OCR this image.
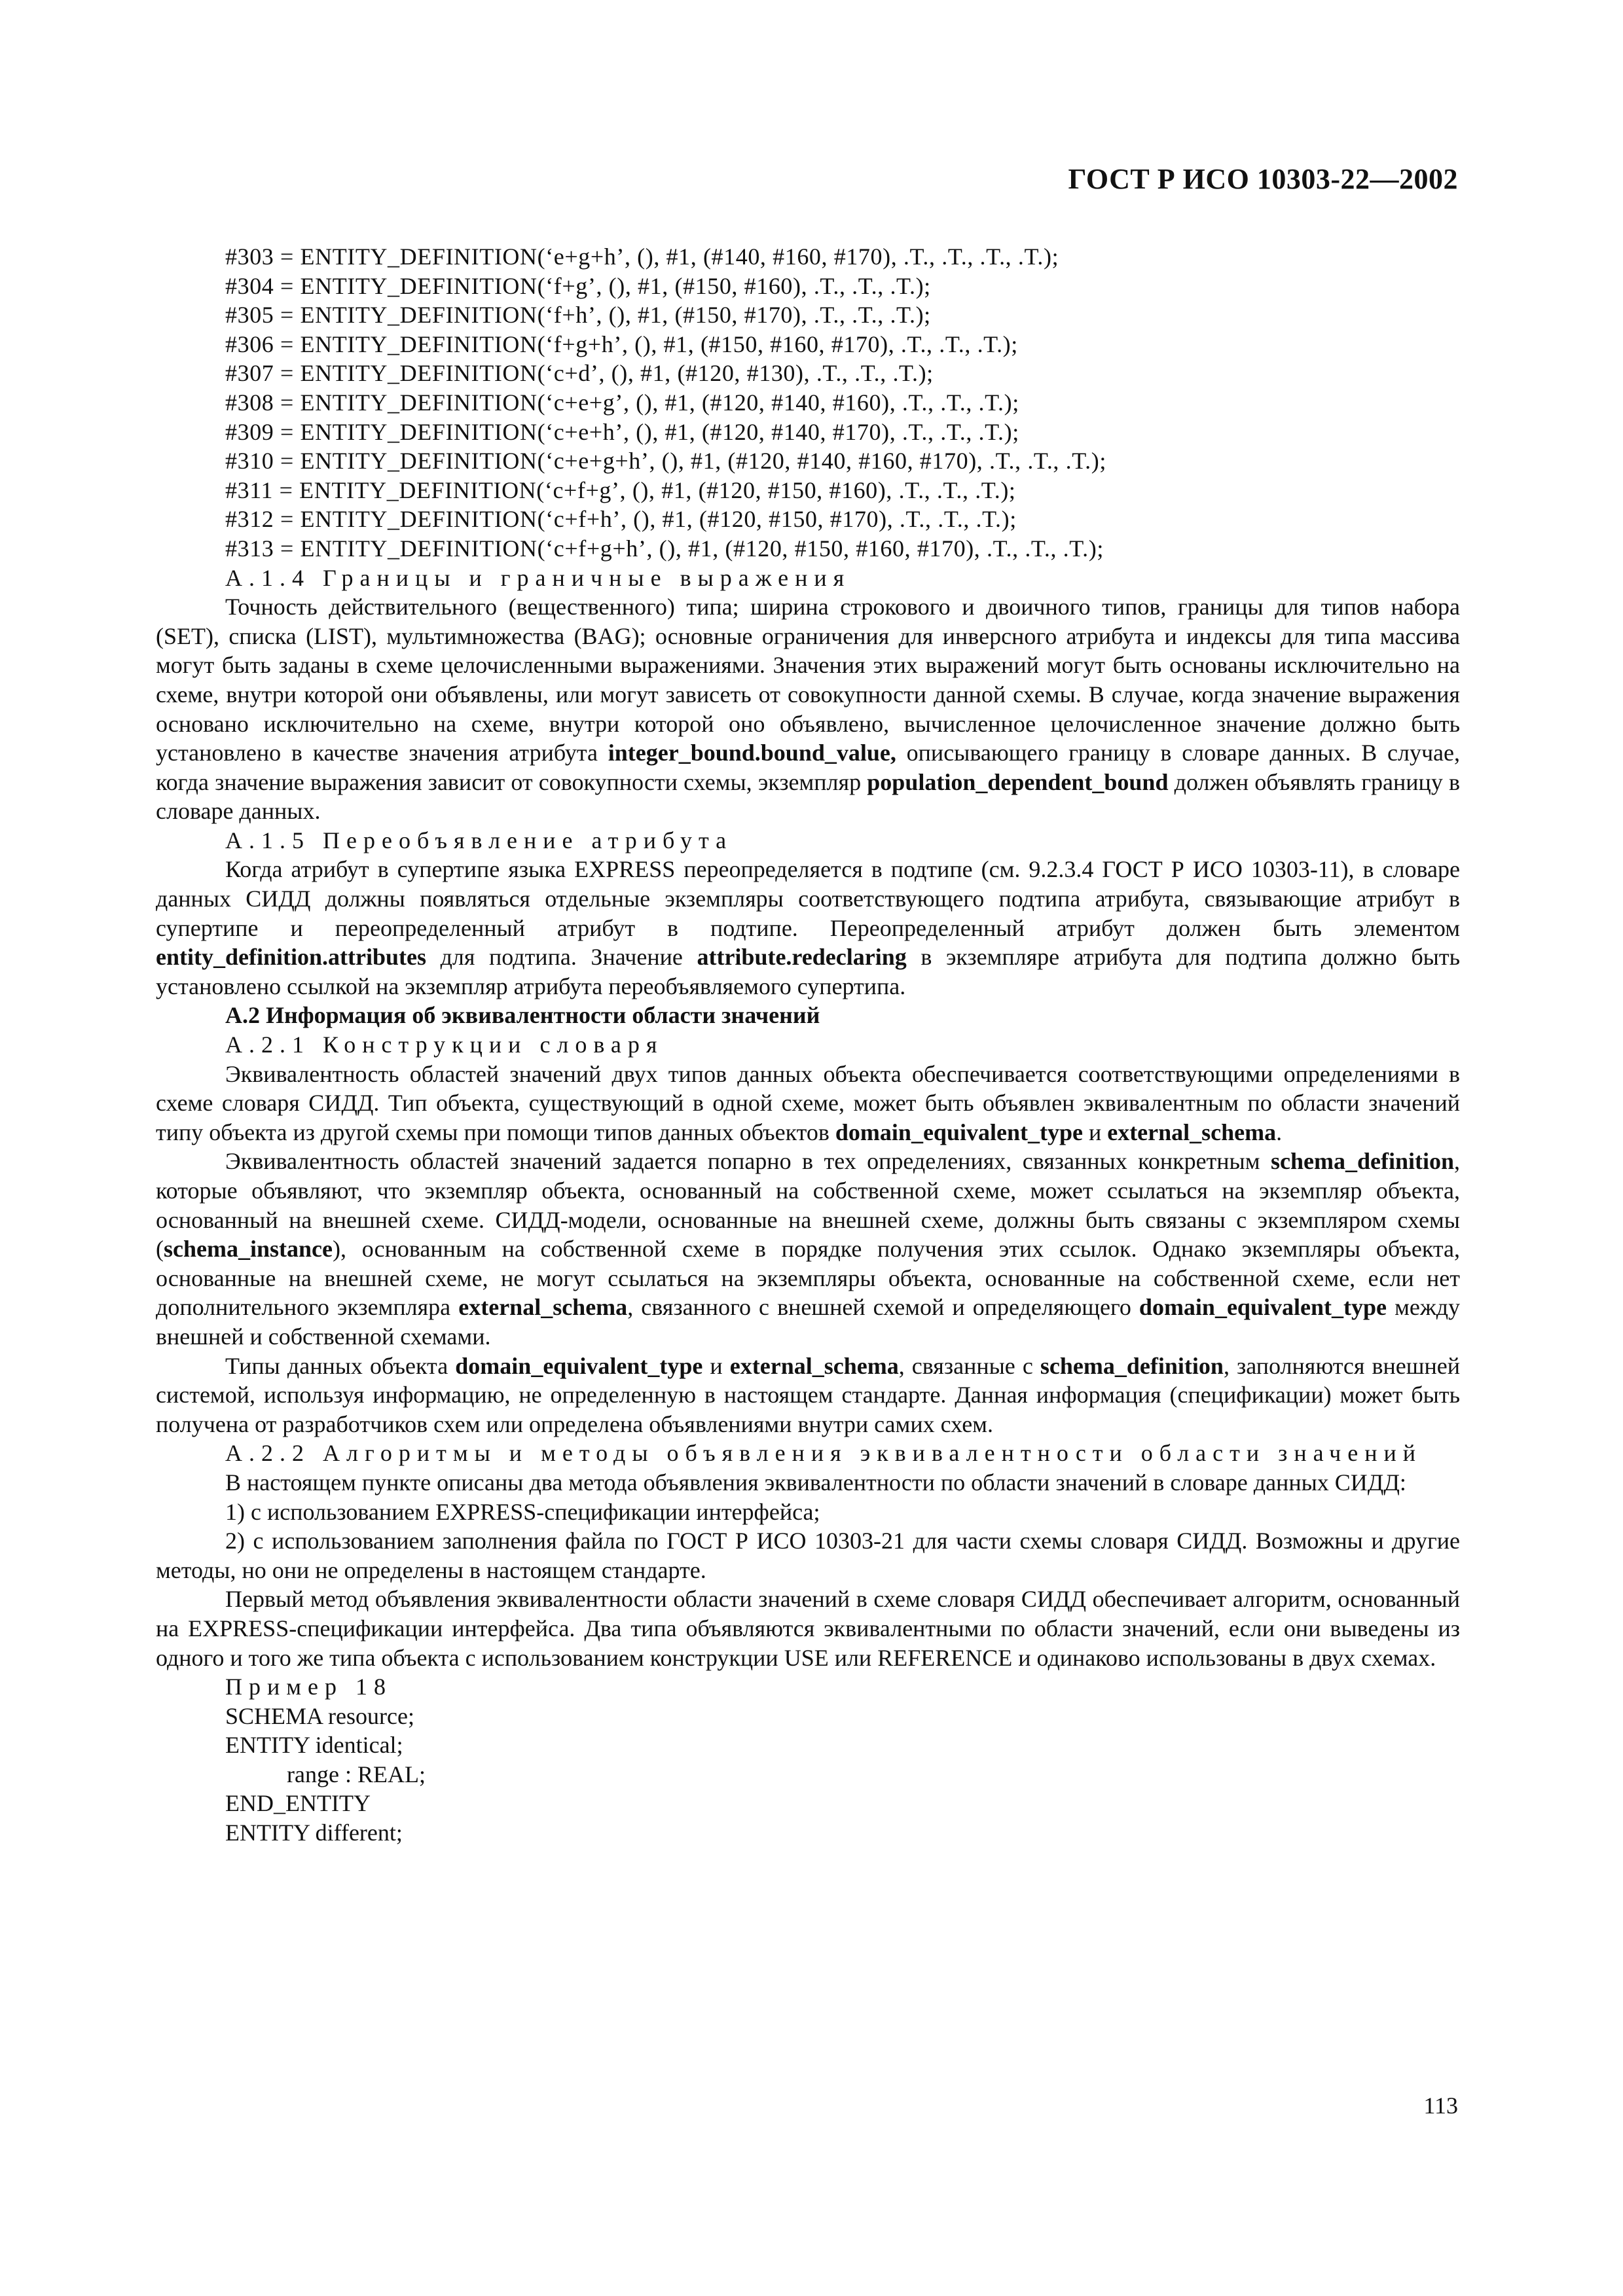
ГОСТ Р ИСО 10303-22—2002
#303 = ENTITY_DEFINITION(‘e+g+h’, (), #1, (#140, #160, #170), .T., .T., .T., .T.);
#304 = ENTITY_DEFINITION(‘f+g’, (), #1, (#150, #160), .T., .T., .T.);
#305 = ENTITY_DEFINITION(‘f+h’, (), #1, (#150, #170), .T., .T., .T.);
#306 = ENTITY_DEFINITION(‘f+g+h’, (), #1, (#150, #160, #170), .T., .T., .T.);
#307 = ENTITY_DEFINITION(‘c+d’, (), #1, (#120, #130), .T., .T., .T.);
#308 = ENTITY_DEFINITION(‘c+e+g’, (), #1, (#120, #140, #160), .T., .T., .T.);
#309 = ENTITY_DEFINITION(‘c+e+h’, (), #1, (#120, #140, #170), .T., .T., .T.);
#310 = ENTITY_DEFINITION(‘c+e+g+h’, (), #1, (#120, #140, #160, #170), .T., .T., .T.);
#311 = ENTITY_DEFINITION(‘c+f+g’, (), #1, (#120, #150, #160), .T., .T., .T.);
#312 = ENTITY_DEFINITION(‘c+f+h’, (), #1, (#120, #150, #170), .T., .T., .T.);
#313 = ENTITY_DEFINITION(‘c+f+g+h’, (), #1, (#120, #150, #160, #170), .T., .T., .T.);
А.1.4 Границы и граничные выражения

Точность действительного (вещественного) типа; ширина строкового и двоичного типов, границы для типов набора (SET), списка (LIST), мультимножества (BAG); основные ограничения для инверсного атрибута и индексы для типа массива могут быть заданы в схеме целочисленными выражениями. Значения этих выражений могут быть основаны исключительно на схеме, внутри которой они объявлены, или могут зависеть от совокупности данной схемы. В случае, когда значение выражения основано исключительно на схеме, внутри которой оно объявлено, вычисленное целочисленное значение должно быть установлено в качестве значения атрибута integer_bound.bound_value, описывающего границу в словаре данных. В случае, когда значение выражения зависит от совокупности схемы, экземпляр population_dependent_bound должен объявлять границу в словаре данных.

А.1.5 Переобъявление атрибута

Когда атрибут в супертипе языка EXPRESS переопределяется в подтипе (см. 9.2.3.4 ГОСТ Р ИСО 10303-11), в словаре данных СИДД должны появляться отдельные экземпляры соответствующего подтипа атрибута, связывающие атрибут в супертипе и переопределенный атрибут в подтипе. Переопределенный атрибут должен быть элементом entity_definition.attributes для подтипа. Значение attribute.redeclaring в экземпляре атрибута для подтипа должно быть установлено ссылкой на экземпляр атрибута переобъявляемого супертипа.

А.2 Информация об эквивалентности области значений
А.2.1 Конструкции словаря

Эквивалентность областей значений двух типов данных объекта обеспечивается соответствующими определениями в схеме словаря СИДД. Тип объекта, существующий в одной схеме, может быть объявлен эквивалентным по области значений типу объекта из другой схемы при помощи типов данных объектов domain_equivalent_type и external_schema.

Эквивалентность областей значений задается попарно в тех определениях, связанных конкретным schema_definition, которые объявляют, что экземпляр объекта, основанный на собственной схеме, может ссылаться на экземпляр объекта, основанный на внешней схеме. СИДД-модели, основанные на внешней схеме, должны быть связаны с экземпляром схемы (schema_instance), основанным на собственной схеме в порядке получения этих ссылок. Однако экземпляры объекта, основанные на внешней схеме, не могут ссылаться на экземпляры объекта, основанные на собственной схеме, если нет дополнительного экземпляра external_schema, связанного с внешней схемой и определяющего domain_equivalent_type между внешней и собственной схемами.

Типы данных объекта domain_equivalent_type и external_schema, связанные с schema_definition, заполняются внешней системой, используя информацию, не определенную в настоящем стандарте. Данная информация (спецификации) может быть получена от разработчиков схем или определена объявлениями внутри самих схем.

А.2.2 Алгоритмы и методы объявления эквивалентности области значений

В настоящем пункте описаны два метода объявления эквивалентности по области значений в словаре данных СИДД:

1) с использованием EXPRESS-спецификации интерфейса;

2) с использованием заполнения файла по ГОСТ Р ИСО 10303-21 для части схемы словаря СИДД. Возможны и другие методы, но они не определены в настоящем стандарте.

Первый метод объявления эквивалентности области значений в схеме словаря СИДД обеспечивает алгоритм, основанный на EXPRESS-спецификации интерфейса. Два типа объявляются эквивалентными по области значений, если они выведены из одного и того же типа объекта с использованием конструкции USE или REFERENCE и одинаково использованы в двух схемах.

Пример 18
SCHEMA resource;
ENTITY identical;
range : REAL;
END_ENTITY
ENTITY different;
113
